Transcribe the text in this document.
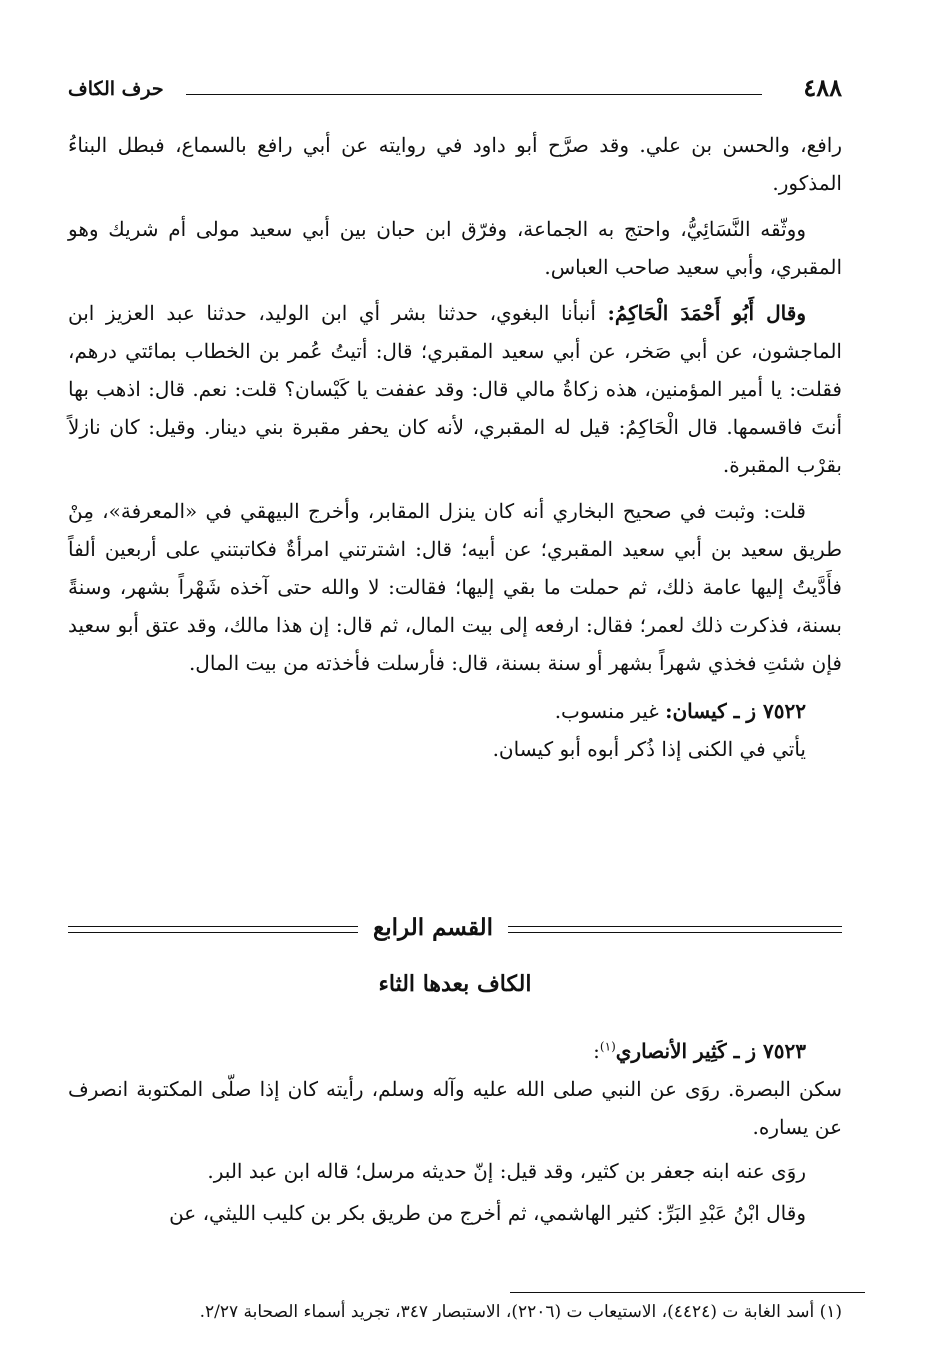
٤٨٨
حرف الكاف

رافع، والحسن بن علي. وقد صرَّح أبو داود في روايته عن أبي رافع بالسماع، فبطل البناءُ المذكور.

ووثّقه النَّسَائِيُّ، واحتج به الجماعة، وفرّق ابن حبان بين أبي سعيد مولى أم شريك وهو المقبري، وأبي سعيد صاحب العباس.

وقال أَبُو أَحْمَدَ الْحَاكِمُ: أنبأنا البغوي، حدثنا بشر أي ابن الوليد، حدثنا عبد العزيز ابن الماجشون، عن أبي صَخر، عن أبي سعيد المقبري؛ قال: أتيتُ عُمر بن الخطاب بمائتي درهم، فقلت: يا أمير المؤمنين، هذه زكاةُ مالي قال: وقد عففت يا كَيْسان؟ قلت: نعم. قال: اذهب بها أنتَ فاقسمها. قال الْحَاكِمُ: قيل له المقبري، لأنه كان يحفر مقبرة بني دينار. وقيل: كان نازلاً بقرْب المقبرة.

قلت: وثبت في صحيح البخاري أنه كان ينزل المقابر، وأخرج البيهقي في «المعرفة»، مِنْ طريق سعيد بن أبي سعيد المقبري؛ عن أبيه؛ قال: اشترتني امرأةٌ فكاتبتني على أربعين ألفاً فأَدَّيتُ إليها عامة ذلك، ثم حملت ما بقي إليها؛ فقالت: لا والله حتى آخذه شَهْراً بشهر، وسنةً بسنة، فذكرت ذلك لعمر؛ فقال: ارفعه إلى بيت المال، ثم قال: إن هذا مالك، وقد عتق أبو سعيد فإن شئتِ فخذي شهراً بشهر أو سنة بسنة، قال: فأرسلت فأخذته من بيت المال.

٧٥٢٢ ز ـ كيسان: غير منسوب.

يأتي في الكنى إذا ذُكر أبوه أبو كيسان.

القسم الرابع
الكاف بعدها الثاء

٧٥٢٣ ز ـ كَثِير الأنصاري$^{(١)}$:

سكن البصرة. روَى عن النبي صلى الله عليه وآله وسلم، رأيته كان إذا صلّى المكتوبة انصرف عن يساره.

روَى عنه ابنه جعفر بن كثير، وقد قيل: إنّ حديثه مرسل؛ قاله ابن عبد البر.

وقال ابْنُ عَبْدِ البَرِّ: كثير الهاشمي، ثم أخرج من طريق بكر بن كليب الليثي، عن

(١) أسد الغابة ت (٤٤٢٤)، الاستيعاب ت (٢٢٠٦)، الاستبصار ٣٤٧، تجريد أسماء الصحابة ٢/٢٧.
